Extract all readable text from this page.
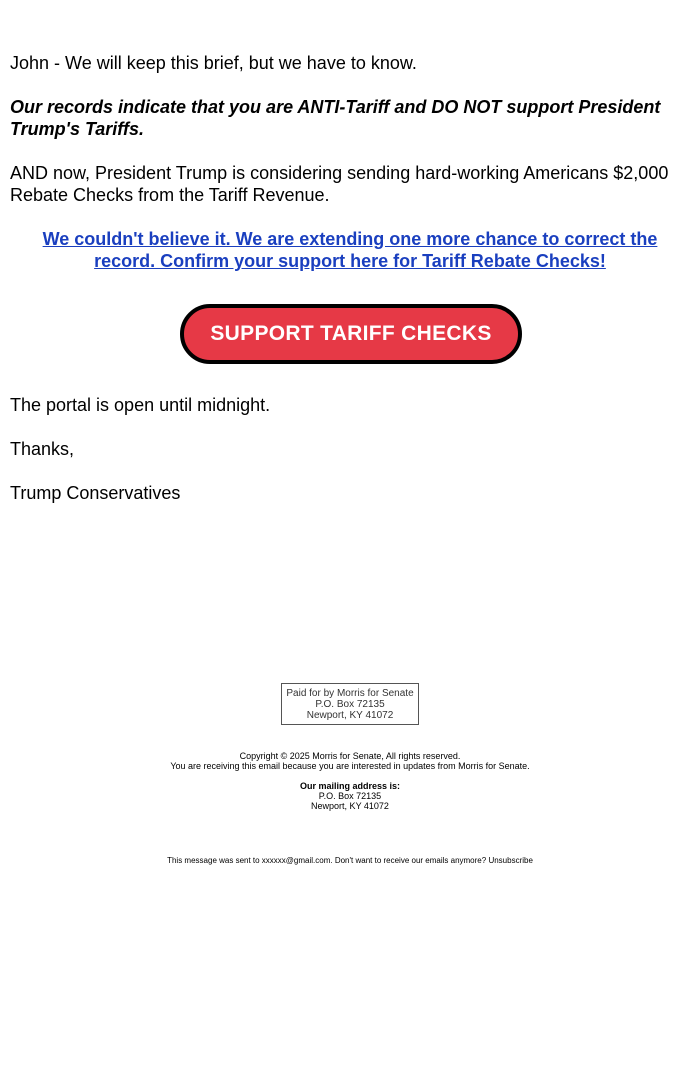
John - We will keep this brief, but we have to know.

Our records indicate that you are ANTI-Tariff and DO NOT support President Trump's Tariffs.

AND now, President Trump is considering sending hard-working Americans $2,000 Rebate Checks from the Tariff Revenue.

We couldn't believe it. We are extending one more chance to correct the record. Confirm your support here for Tariff Rebate Checks!
SUPPORT TARIFF CHECKS

The portal is open until midnight.

Thanks,

Trump Conservatives

Paid for by Morris for Senate
P.O. Box 72135
Newport, KY 41072
Copyright © 2025 Morris for Senate, All rights reserved.
You are receiving this email because you are interested in updates from Morris for Senate.
Our mailing address is:
P.O. Box 72135
Newport, KY 41072
This message was sent to xxxxxx@gmail.com. Don't want to receive our emails anymore? Unsubscribe
